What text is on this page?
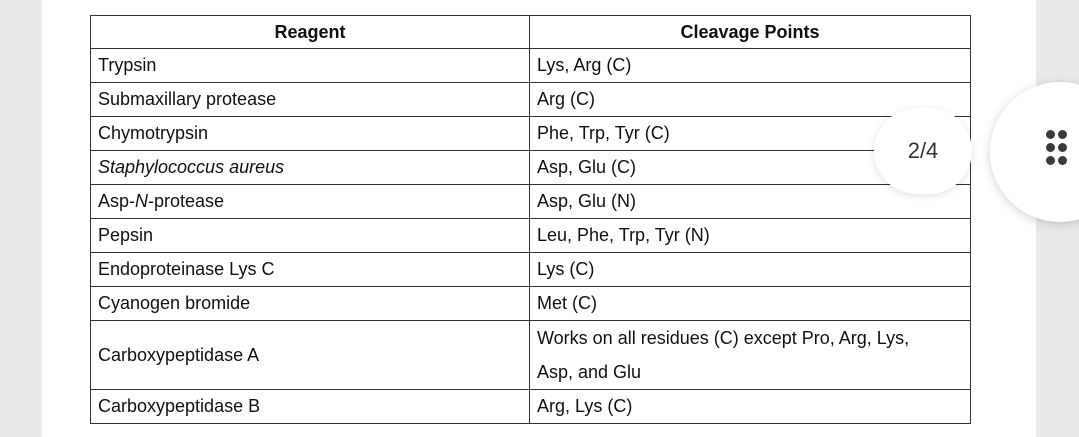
Reagent	Cleavage Points
Trypsin	Lys, Arg (C)
Submaxillary protease	Arg (C)
Chymotrypsin	Phe, Trp, Tyr (C)
Staphylococcus aureus	Asp, Glu (C)
Asp-N-protease	Asp, Glu (N)
Pepsin	Leu, Phe, Trp, Tyr (N)
Endoproteinase Lys C	Lys (C)
Cyanogen bromide	Met (C)
Carboxypeptidase A	Works on all residues (C) except Pro, Arg, Lys,
Asp, and Glu

Carboxypeptidase B	Arg, Lys (C)
2/4
